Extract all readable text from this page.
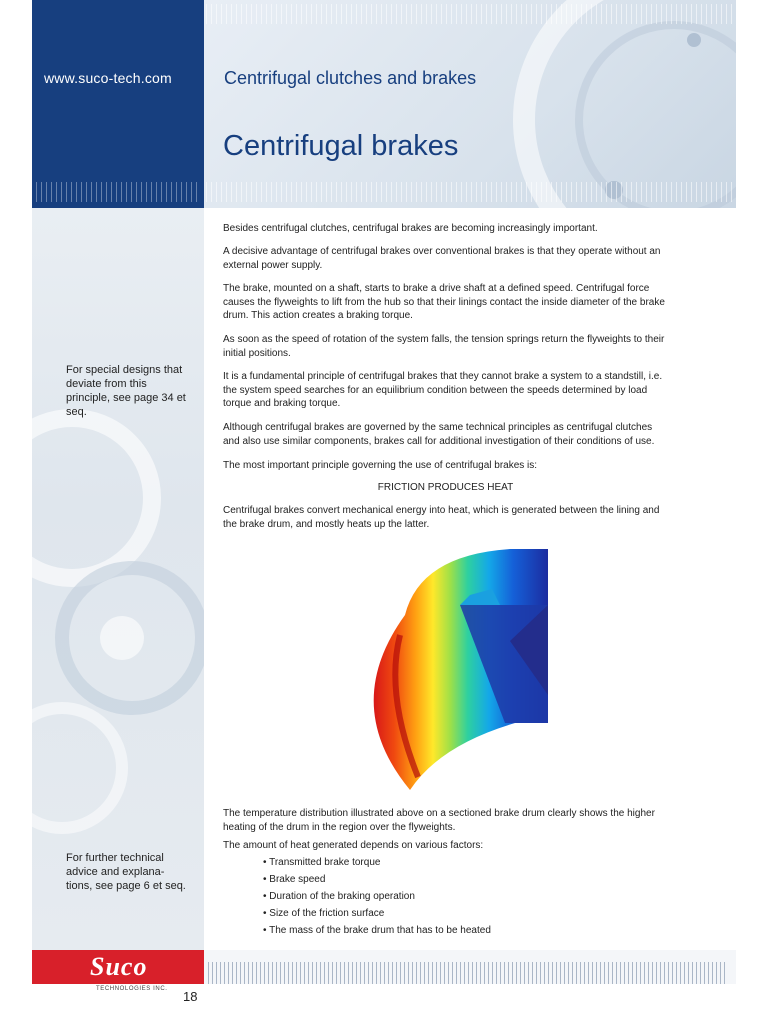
www.suco-tech.com	Centrifugal clutches and brakes
Centrifugal brakes
For special designs that deviate from this principle, see page 34 et seq.
For further technical advice and explana-tions, see page 6 et seq.

Besides centrifugal clutches, centrifugal brakes are becoming increasingly important.

A decisive advantage of centrifugal brakes over conventional brakes is that they operate without an external power supply.

The brake, mounted on a shaft, starts to brake a drive shaft at a defined speed. Centrifugal force causes the flyweights to lift from the hub so that their linings contact the inside diameter of the brake drum. This action creates a braking torque.

As soon as the speed of rotation of the system falls, the tension springs return the flyweights to their initial positions.

It is a fundamental principle of centrifugal brakes that they cannot brake a system to a standstill, i.e. the system speed searches for an equilibrium condition between the speeds determined by load torque and braking torque.

Although centrifugal brakes are governed by the same technical principles as centrifugal clutches and also use similar components, brakes call for additional investigation of their conditions of use.

The most important principle governing the use of centrifugal brakes is:

FRICTION PRODUCES HEAT

Centrifugal brakes convert mechanical energy into heat, which is generated between the lining and the brake drum, and mostly heats up the latter.

The temperature distribution illustrated above on a sectioned brake drum clearly shows the higher heating of the drum in the region over the flyweights.

The amount of heat generated depends on various factors:

• Transmitted brake torque
• Brake speed
• Duration of the braking operation
• Size of the friction surface
• The mass of the brake drum that has to be heated
Suco
TECHNOLOGIES INC. 18
